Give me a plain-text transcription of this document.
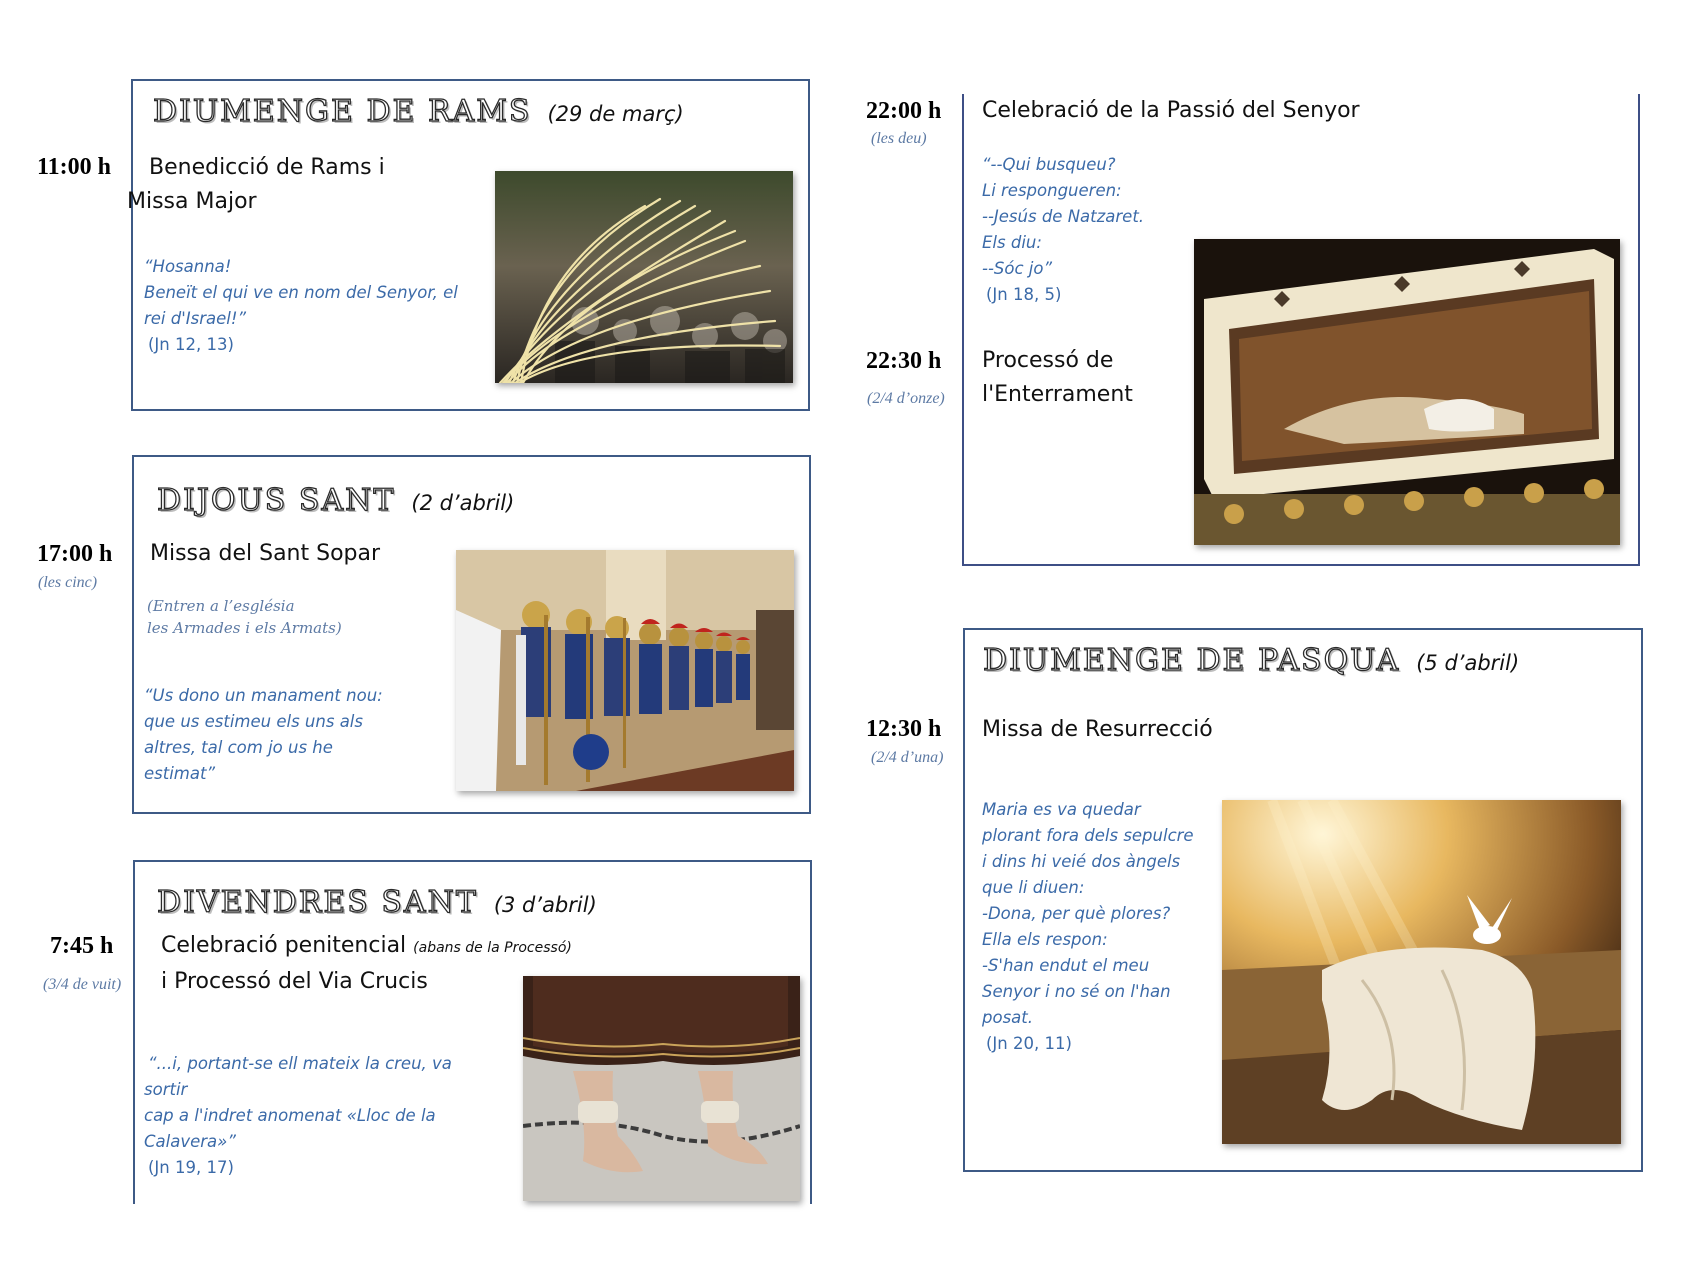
DIUMENGE DE RAMS (29 de març)
11:00 h	Benedicció de Rams i
Missa Major
“Hosanna!
Beneït el qui ve en nom del Senyor, el
rei d'Israel!”
(Jn 12, 13)
DIJOUS SANT (2 d’abril)
17:00 h
(les cinc)
Missa del Sant Sopar
(Entren a l’església
les Armades i els Armats)
“Us dono un manament nou:
que us estimeu els uns als
altres, tal com jo us he
estimat”
DIVENDRES SANT (3 d’abril)
7:45 h
(3/4 de vuit)
Celebració penitencial (abans de la Processó)
i Processó del Via Crucis
“...i, portant-se ell mateix la creu, va
sortir
cap a l'indret anomenat «Lloc de la
Calavera»”
(Jn 19, 17)
22:00 h
(les deu)
Celebració de la Passió del Senyor
“--Qui busqueu?
Li respongueren:
--Jesús de Natzaret.
Els diu:
--Sóc jo”
(Jn 18, 5)
22:30 h
(2/4 d’onze)
Processó de
l'Enterrament
DIUMENGE DE PASQUA (5 d’abril)
12:30 h
(2/4 d’una)
Missa de Resurrecció
Maria es va quedar
plorant fora dels sepulcre
i dins hi veié dos àngels
que li diuen:
-Dona, per què plores?
Ella els respon:
-S'han endut el meu
Senyor i no sé on l'han
posat.
(Jn 20, 11)
